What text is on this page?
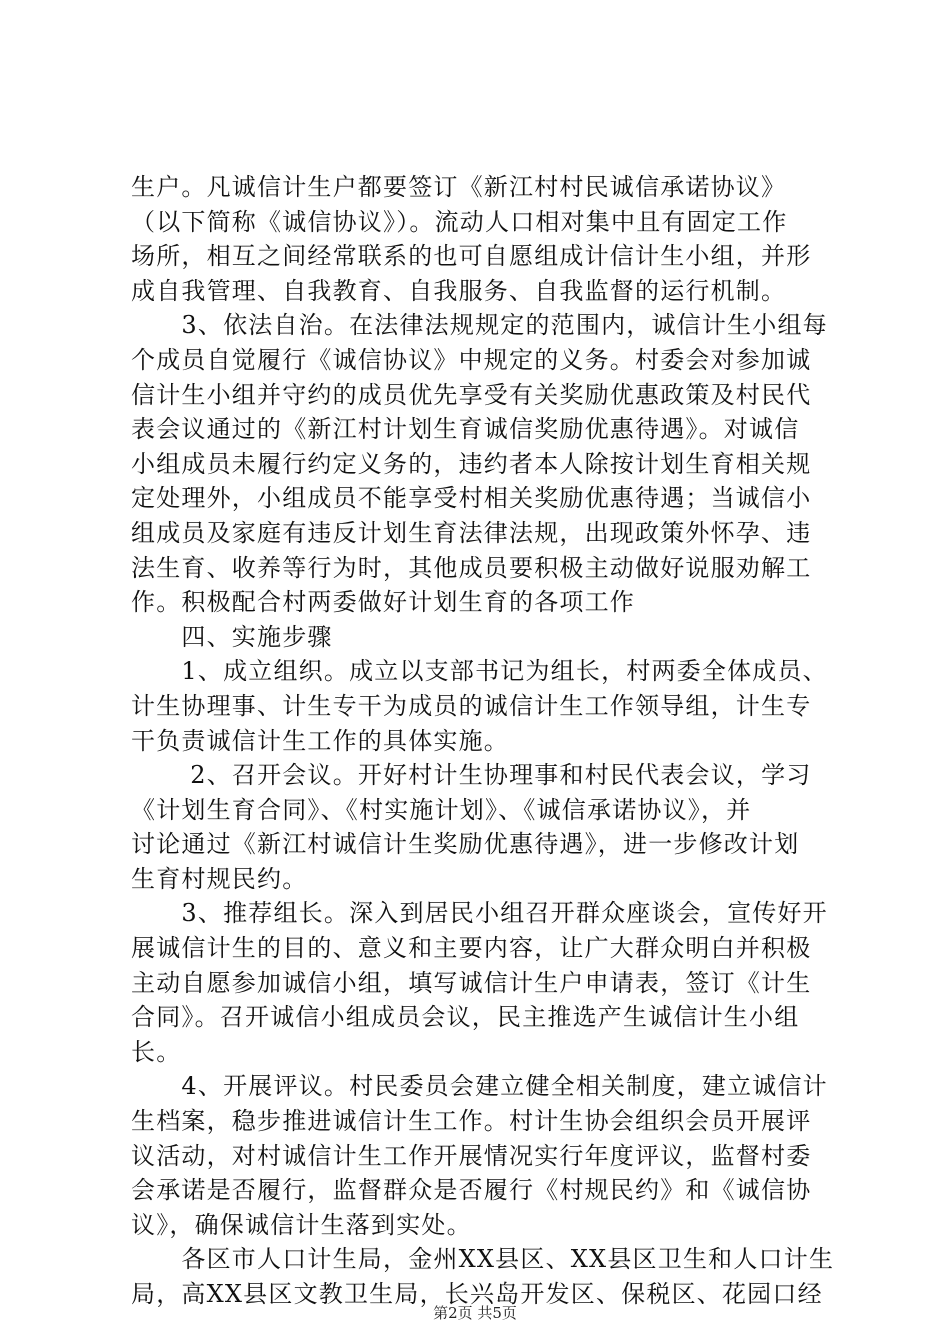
生户。凡诚信计生户都要签订《新江村村民诚信承诺协议》
（以下简称《诚信协议》）。流动人口相对集中且有固定工作
场所，相互之间经常联系的也可自愿组成计信计生小组，并形
成自我管理、自我教育、自我服务、自我监督的运行机制。
　　3、依法自治。在法律法规规定的范围内，诚信计生小组每
个成员自觉履行《诚信协议》中规定的义务。村委会对参加诚
信计生小组并守约的成员优先享受有关奖励优惠政策及村民代
表会议通过的《新江村计划生育诚信奖励优惠待遇》。对诚信
小组成员未履行约定义务的，违约者本人除按计划生育相关规
定处理外，小组成员不能享受村相关奖励优惠待遇；当诚信小
组成员及家庭有违反计划生育法律法规，出现政策外怀孕、违
法生育、收养等行为时，其他成员要积极主动做好说服劝解工
作。积极配合村两委做好计划生育的各项工作
　　四、实施步骤
　　1、成立组织。成立以支部书记为组长，村两委全体成员、
计生协理事、计生专干为成员的诚信计生工作领导组，计生专
干负责诚信计生工作的具体实施。
　　 2、召开会议。开好村计生协理事和村民代表会议，学习
《计划生育合同》、《村实施计划》、《诚信承诺协议》，并
讨论通过《新江村诚信计生奖励优惠待遇》，进一步修改计划
生育村规民约。
　　3、推荐组长。深入到居民小组召开群众座谈会，宣传好开
展诚信计生的目的、意义和主要内容，让广大群众明白并积极
主动自愿参加诚信小组，填写诚信计生户申请表，签订《计生
合同》。召开诚信小组成员会议，民主推选产生诚信计生小组
长。
　　4、开展评议。村民委员会建立健全相关制度，建立诚信计
生档案，稳步推进诚信计生工作。村计生协会组织会员开展评
议活动，对村诚信计生工作开展情况实行年度评议，监督村委
会承诺是否履行，监督群众是否履行《村规民约》和《诚信协
议》，确保诚信计生落到实处。
　　各区市人口计生局，金州XX县区、XX县区卫生和人口计生
局，高XX县区文教卫生局，长兴岛开发区、保税区、花园口经
第2页 共5页
